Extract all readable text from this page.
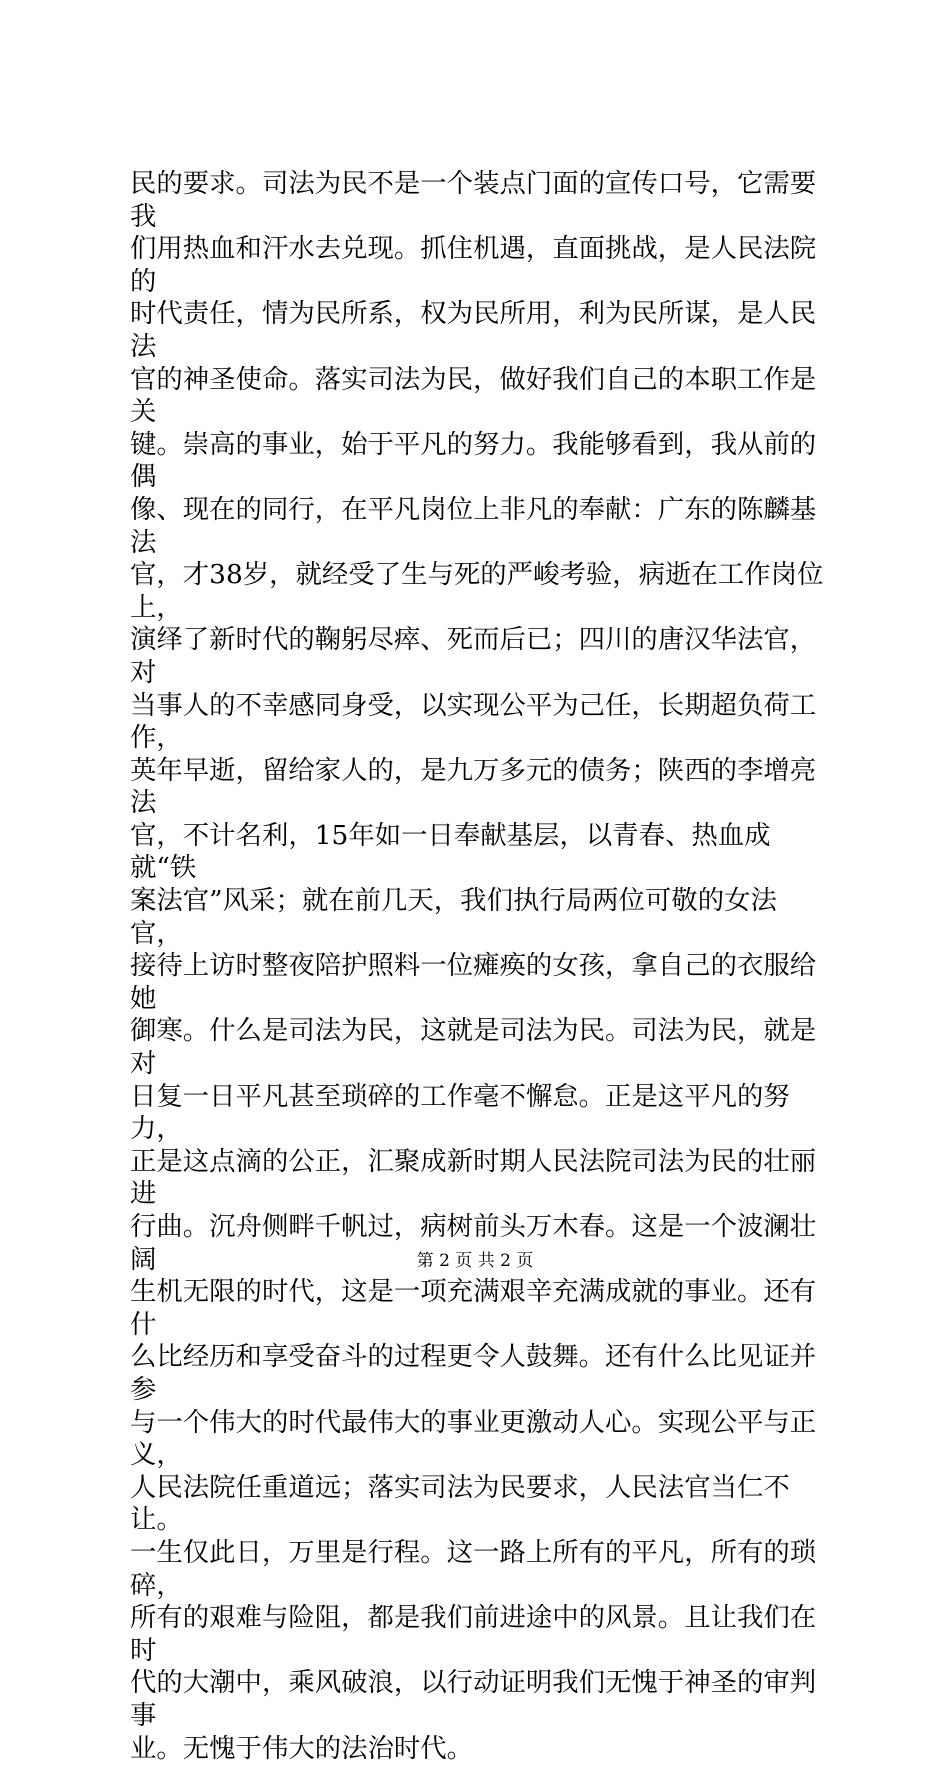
民的要求。司法为民不是一个装点门面的宣传口号，它需要我
们用热血和汗水去兑现。抓住机遇，直面挑战，是人民法院的
时代责任，情为民所系，权为民所用，利为民所谋，是人民法
官的神圣使命。落实司法为民，做好我们自己的本职工作是关
键。崇高的事业，始于平凡的努力。我能够看到，我从前的偶
像、现在的同行，在平凡岗位上非凡的奉献：广东的陈麟基法
官，才38岁，就经受了生与死的严峻考验，病逝在工作岗位上，
演绎了新时代的鞠躬尽瘁、死而后已；四川的唐汉华法官，对
当事人的不幸感同身受，以实现公平为己任，长期超负荷工作，
英年早逝，留给家人的，是九万多元的债务；陕西的李增亮法
官，不计名利，15年如一日奉献基层，以青春、热血成就“铁
案法官”风采；就在前几天，我们执行局两位可敬的女法官，
接待上访时整夜陪护照料一位瘫痪的女孩，拿自己的衣服给她
御寒。什么是司法为民，这就是司法为民。司法为民，就是对
日复一日平凡甚至琐碎的工作毫不懈怠。正是这平凡的努力，
正是这点滴的公正，汇聚成新时期人民法院司法为民的壮丽进
行曲。沉舟侧畔千帆过，病树前头万木春。这是一个波澜壮阔
生机无限的时代，这是一项充满艰辛充满成就的事业。还有什
么比经历和享受奋斗的过程更令人鼓舞。还有什么比见证并参
与一个伟大的时代最伟大的事业更激动人心。实现公平与正义，
人民法院任重道远；落实司法为民要求，人民法官当仁不让。
一生仅此日，万里是行程。这一路上所有的平凡，所有的琐碎，
所有的艰难与险阻，都是我们前进途中的风景。且让我们在时
代的大潮中，乘风破浪，以行动证明我们无愧于神圣的审判事
业。无愧于伟大的法治时代。

第 2 页 共 2 页
